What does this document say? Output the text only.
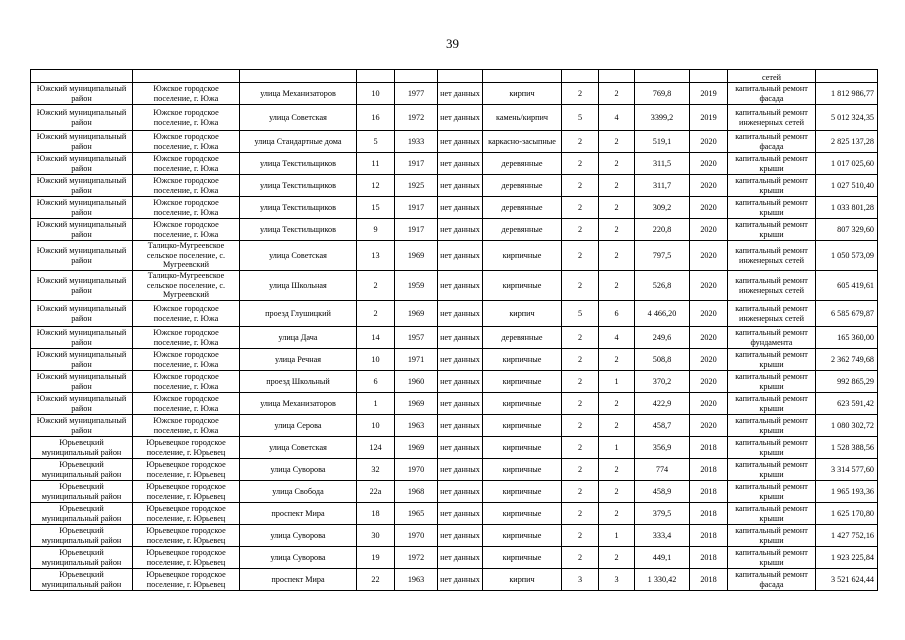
39
											сетей	
Южский муниципальный район	Южское городское поселение, г. Южа	улица Механизаторов	10	1977	нет данных	кирпич	2	2	769,8	2019	капитальный ремонт фасада	1 812 986,77
Южский муниципальный район	Южское городское поселение, г. Южа	улица Советская	16	1972	нет данных	камень/кирпич	5	4	3399,2	2019	капитальный ремонт инженерных сетей	5 012 324,35
Южский муниципальный район	Южское городское поселение, г. Южа	улица Стандартные дома	5	1933	нет данных	каркасно-засыпные	2	2	519,1	2020	капитальный ремонт фасада	2 825 137,28
Южский муниципальный район	Южское городское поселение, г. Южа	улица Текстильщиков	11	1917	нет данных	деревянные	2	2	311,5	2020	капитальный ремонт крыши	1 017 025,60
Южский муниципальный район	Южское городское поселение, г. Южа	улица Текстильщиков	12	1925	нет данных	деревянные	2	2	311,7	2020	капитальный ремонт крыши	1 027 510,40
Южский муниципальный район	Южское городское поселение, г. Южа	улица Текстильщиков	15	1917	нет данных	деревянные	2	2	309,2	2020	капитальный ремонт крыши	1 033 801,28
Южский муниципальный район	Южское городское поселение, г. Южа	улица Текстильщиков	9	1917	нет данных	деревянные	2	2	220,8	2020	капитальный ремонт крыши	807 329,60
Южский муниципальный район	Талицко-Мугреевское сельское поселение, с. Мугреевский	улица Советская	13	1969	нет данных	кирпичные	2	2	797,5	2020	капитальный ремонт инженерных сетей	1 050 573,09
Южский муниципальный район	Талицко-Мугреевское сельское поселение, с. Мугреевский	улица Школьная	2	1959	нет данных	кирпичные	2	2	526,8	2020	капитальный ремонт инженерных сетей	605 419,61
Южский муниципальный район	Южское городское поселение, г. Южа	проезд Глушицкий	2	1969	нет данных	кирпич	5	6	4 466,20	2020	капитальный ремонт инженерных сетей	6 585 679,87
Южский муниципальный район	Южское городское поселение, г. Южа	улица Дача	14	1957	нет данных	деревянные	2	4	249,6	2020	капитальный ремонт фундамента	165 360,00
Южский муниципальный район	Южское городское поселение, г. Южа	улица Речная	10	1971	нет данных	кирпичные	2	2	508,8	2020	капитальный ремонт крыши	2 362 749,68
Южский муниципальный район	Южское городское поселение, г. Южа	проезд Школьный	6	1960	нет данных	кирпичные	2	1	370,2	2020	капитальный ремонт крыши	992 865,29
Южский муниципальный район	Южское городское поселение, г. Южа	улица Механизаторов	1	1969	нет данных	кирпичные	2	2	422,9	2020	капитальный ремонт крыши	623 591,42
Южский муниципальный район	Южское городское поселение, г. Южа	улица Серова	10	1963	нет данных	кирпичные	2	2	458,7	2020	капитальный ремонт крыши	1 080 302,72
Юрьевецкий муниципальный район	Юрьевецкое городское поселение, г. Юрьевец	улица Советская	124	1969	нет данных	кирпичные	2	1	356,9	2018	капитальный ремонт крыши	1 528 388,56
Юрьевецкий муниципальный район	Юрьевецкое городское поселение, г. Юрьевец	улица Суворова	32	1970	нет данных	кирпичные	2	2	774	2018	капитальный ремонт крыши	3 314 577,60
Юрьевецкий муниципальный район	Юрьевецкое городское поселение, г. Юрьевец	улица Свобода	22а	1968	нет данных	кирпичные	2	2	458,9	2018	капитальный ремонт крыши	1 965 193,36
Юрьевецкий муниципальный район	Юрьевецкое городское поселение, г. Юрьевец	проспект Мира	18	1965	нет данных	кирпичные	2	2	379,5	2018	капитальный ремонт крыши	1 625 170,80
Юрьевецкий муниципальный район	Юрьевецкое городское поселение, г. Юрьевец	улица Суворова	30	1970	нет данных	кирпичные	2	1	333,4	2018	капитальный ремонт крыши	1 427 752,16
Юрьевецкий муниципальный район	Юрьевецкое городское поселение, г. Юрьевец	улица Суворова	19	1972	нет данных	кирпичные	2	2	449,1	2018	капитальный ремонт крыши	1 923 225,84
Юрьевецкий муниципальный район	Юрьевецкое городское поселение, г. Юрьевец	проспект Мира	22	1963	нет данных	кирпич	3	3	1 330,42	2018	капитальный ремонт фасада	3 521 624,44
